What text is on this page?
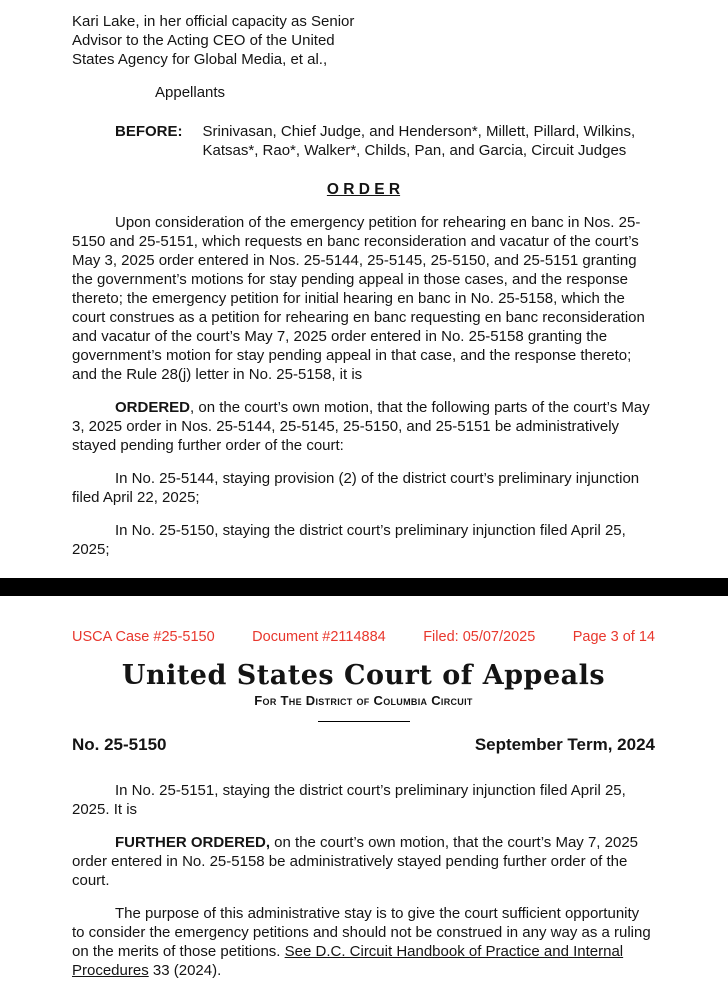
Kari Lake, in her official capacity as Senior
Advisor to the Acting CEO of the United
States Agency for Global Media, et al.,
Appellants
BEFORE: Srinivasan, Chief Judge, and Henderson*, Millett, Pillard, Wilkins, Katsas*, Rao*, Walker*, Childs, Pan, and Garcia, Circuit Judges
O R D E R

Upon consideration of the emergency petition for rehearing en banc in Nos. 25-5150 and 25-5151, which requests en banc reconsideration and vacatur of the court’s May 3, 2025 order entered in Nos. 25-5144, 25-5145, 25-5150, and 25-5151 granting the government’s motions for stay pending appeal in those cases, and the response thereto; the emergency petition for initial hearing en banc in No. 25-5158, which the court construes as a petition for rehearing en banc requesting en banc reconsideration and vacatur of the court’s May 7, 2025 order entered in No. 25-5158 granting the government’s motion for stay pending appeal in that case, and the response thereto; and the Rule 28(j) letter in No. 25-5158, it is

ORDERED, on the court’s own motion, that the following parts of the court’s May 3, 2025 order in Nos. 25-5144, 25-5145, 25-5150, and 25-5151 be administratively stayed pending further order of the court:

In No. 25-5144, staying provision (2) of the district court’s preliminary injunction filed April 22, 2025;

In No. 25-5150, staying the district court’s preliminary injunction filed April 25, 2025;

USCA Case #25-5150	Document #2114884	Filed: 05/07/2025	Page 3 of 14
United States Court of Appeals
For The District of Columbia Circuit
No. 25-5150	September Term, 2024

In No. 25-5151, staying the district court’s preliminary injunction filed April 25, 2025. It is

FURTHER ORDERED, on the court’s own motion, that the court’s May 7, 2025 order entered in No. 25-5158 be administratively stayed pending further order of the court.

The purpose of this administrative stay is to give the court sufficient opportunity to consider the emergency petitions and should not be construed in any way as a ruling on the merits of those petitions. See D.C. Circuit Handbook of Practice and Internal Procedures 33 (2024).
